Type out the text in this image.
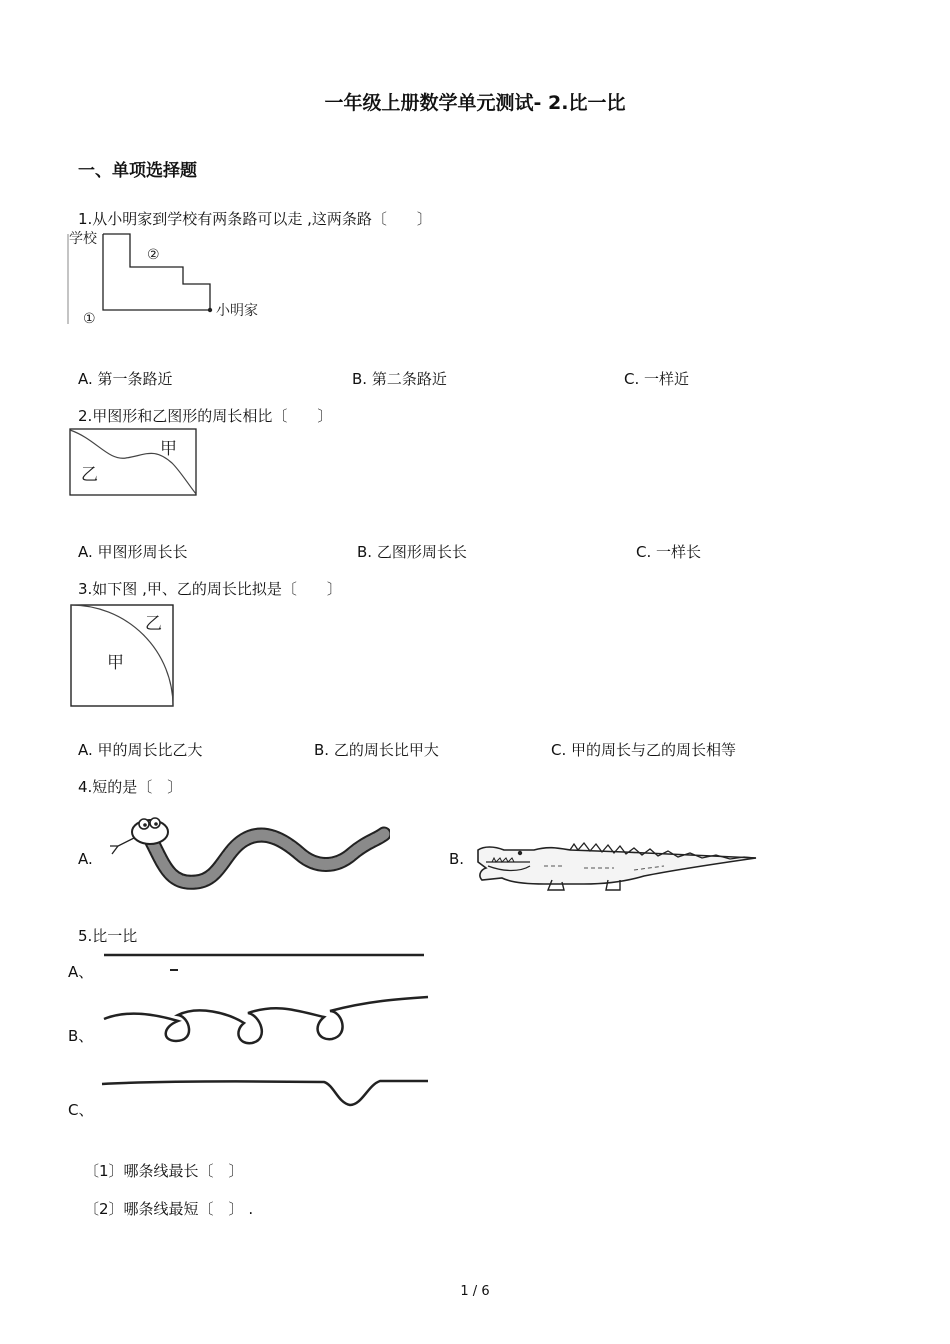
一年级上册数学单元测试- 2.比一比
一、单项选择题
1.从小明家到学校有两条路可以走 ,这两条路〔　　〕
学校
小明家
②
①
A. 第一条路近	B. 第二条路近	C. 一样近
2.甲图形和乙图形的周长相比〔　　〕
甲
乙
A. 甲图形周长长	B. 乙图形周长长	C. 一样长
3.如下图 ,甲、乙的周长比拟是〔　　〕
乙
甲
A. 甲的周长比乙大	B. 乙的周长比甲大	C. 甲的周长与乙的周长相等
4.短的是〔　〕
A.	B.
5.比一比
A、
B、
C、
〔1〕哪条线最长〔　〕
〔2〕哪条线最短〔　〕 .
1 / 6
